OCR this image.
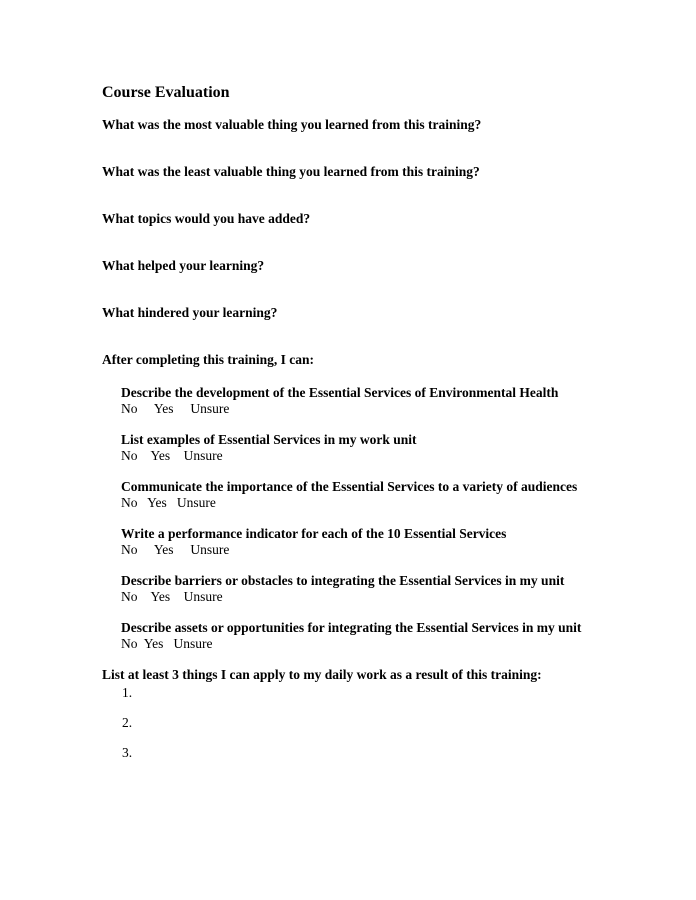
Course Evaluation

What was the most valuable thing you learned from this training?

What was the least valuable thing you learned from this training?

What topics would you have added?

What helped your learning?

What hindered your learning?

After completing this training, I can:

Describe the development of the Essential Services of Environmental Health

No Yes Unsure

List examples of Essential Services in my work unit

No Yes Unsure

Communicate the importance of the Essential Services to a variety of audiences

No Yes Unsure

Write a performance indicator for each of the 10 Essential Services

No Yes Unsure

Describe barriers or obstacles to integrating the Essential Services in my unit

No Yes Unsure

Describe assets or opportunities for integrating the Essential Services in my unit

No Yes Unsure

List at least 3 things I can apply to my daily work as a result of this training:

1.

2.

3.
